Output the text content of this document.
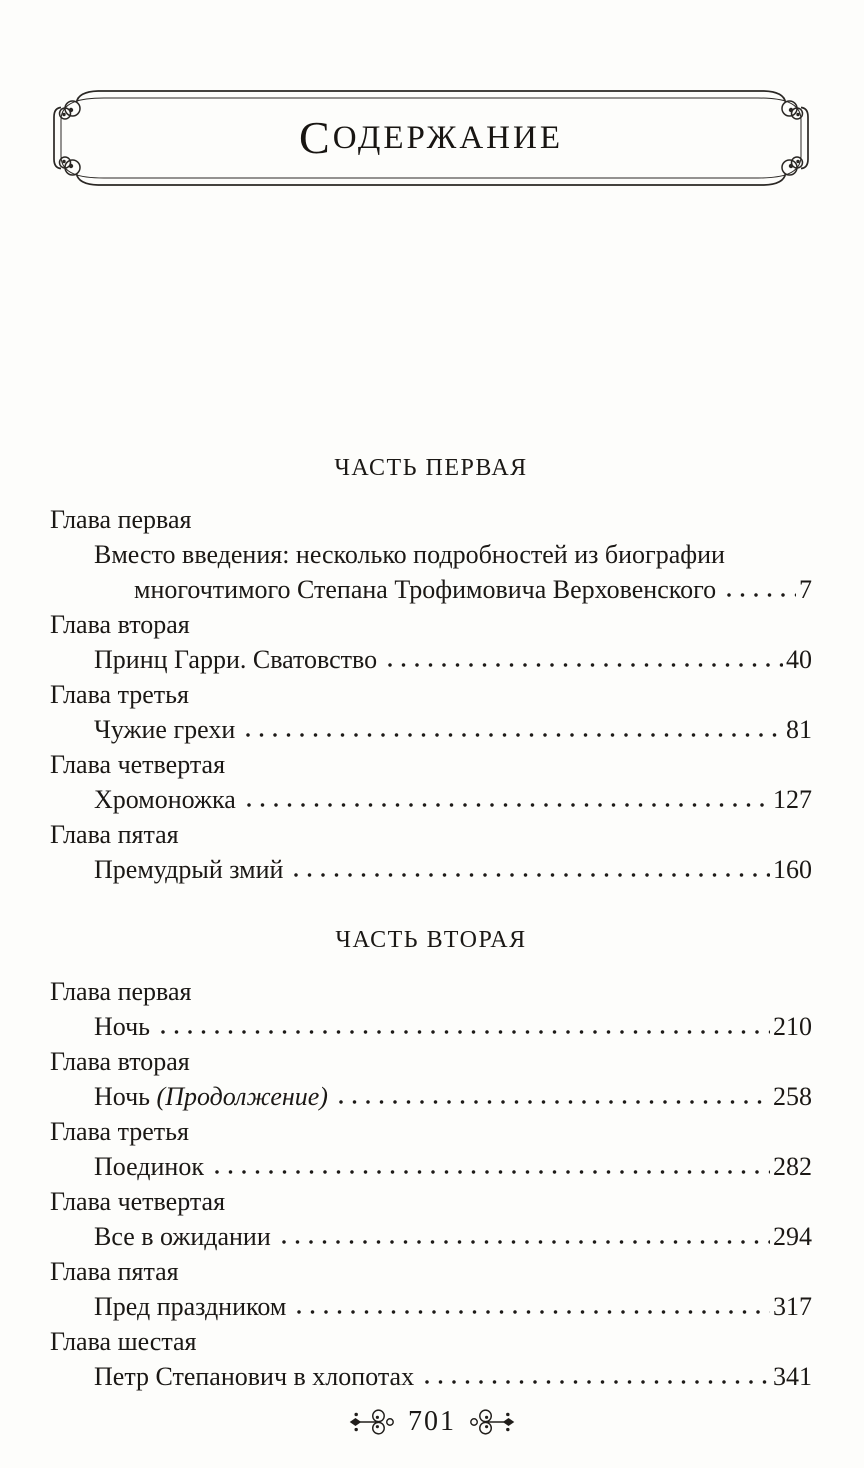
С ОДЕРЖАНИЕ
ЧАСТЬ ПЕРВАЯ
Глава первая
Вместо введения: несколько подробностей из биографии
многочтимого Степана Трофимовича Верховенского	7
Глава вторая
Принц Гарри. Сватовство	40
Глава третья
Чужие грехи	81
Глава четвертая
Хромоножка	127
Глава пятая
Премудрый змий	160
ЧАСТЬ ВТОРАЯ
Глава первая
Ночь	210
Глава вторая
Ночь (Продолжение)	258
Глава третья
Поединок	282
Глава четвертая
Все в ожидании	294
Глава пятая
Пред праздником	317
Глава шестая
Петр Степанович в хлопотах	341
701
